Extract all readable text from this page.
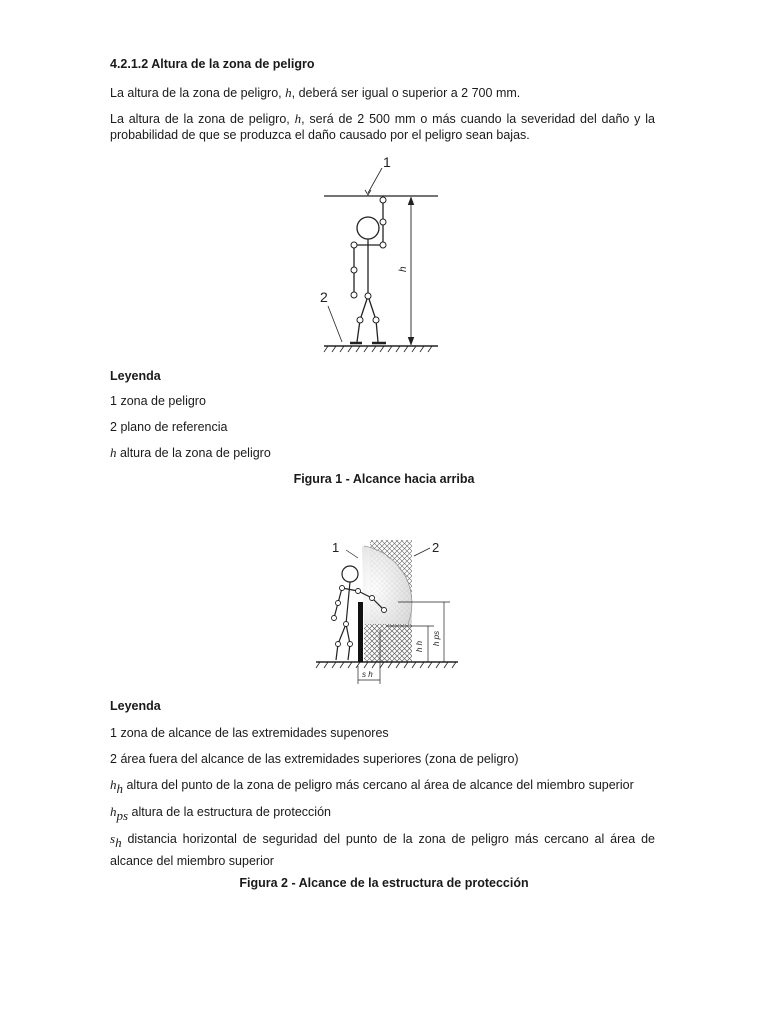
4.2.1.2 Altura de la zona de peligro
La altura de la zona de peligro, h, deberá ser igual o superior a 2 700 mm.
La altura de la zona de peligro, h, será de 2 500 mm o más cuando la severidad del daño y la probabilidad de que se produzca el daño causado por el peligro sean bajas.
1
2
h
Leyenda
1 zona de peligro
2 plano de referencia
h altura de la zona de peligro
Figura 1 - Alcance hacia arriba
1	2
h ps
h h
s h
Leyenda
1 zona de alcance de las extremidades supenores
2 área fuera del alcance de las extremidades superiores (zona de peligro)
$h_h$ altura del punto de la zona de peligro más cercano al área de alcance del miembro superior
$h_{ps}$ altura de la estructura de protección
$s_h$ distancia horizontal de seguridad del punto de la zona de peligro más cercano al área de alcance del miembro superior
Figura 2 - Alcance de la estructura de protección
